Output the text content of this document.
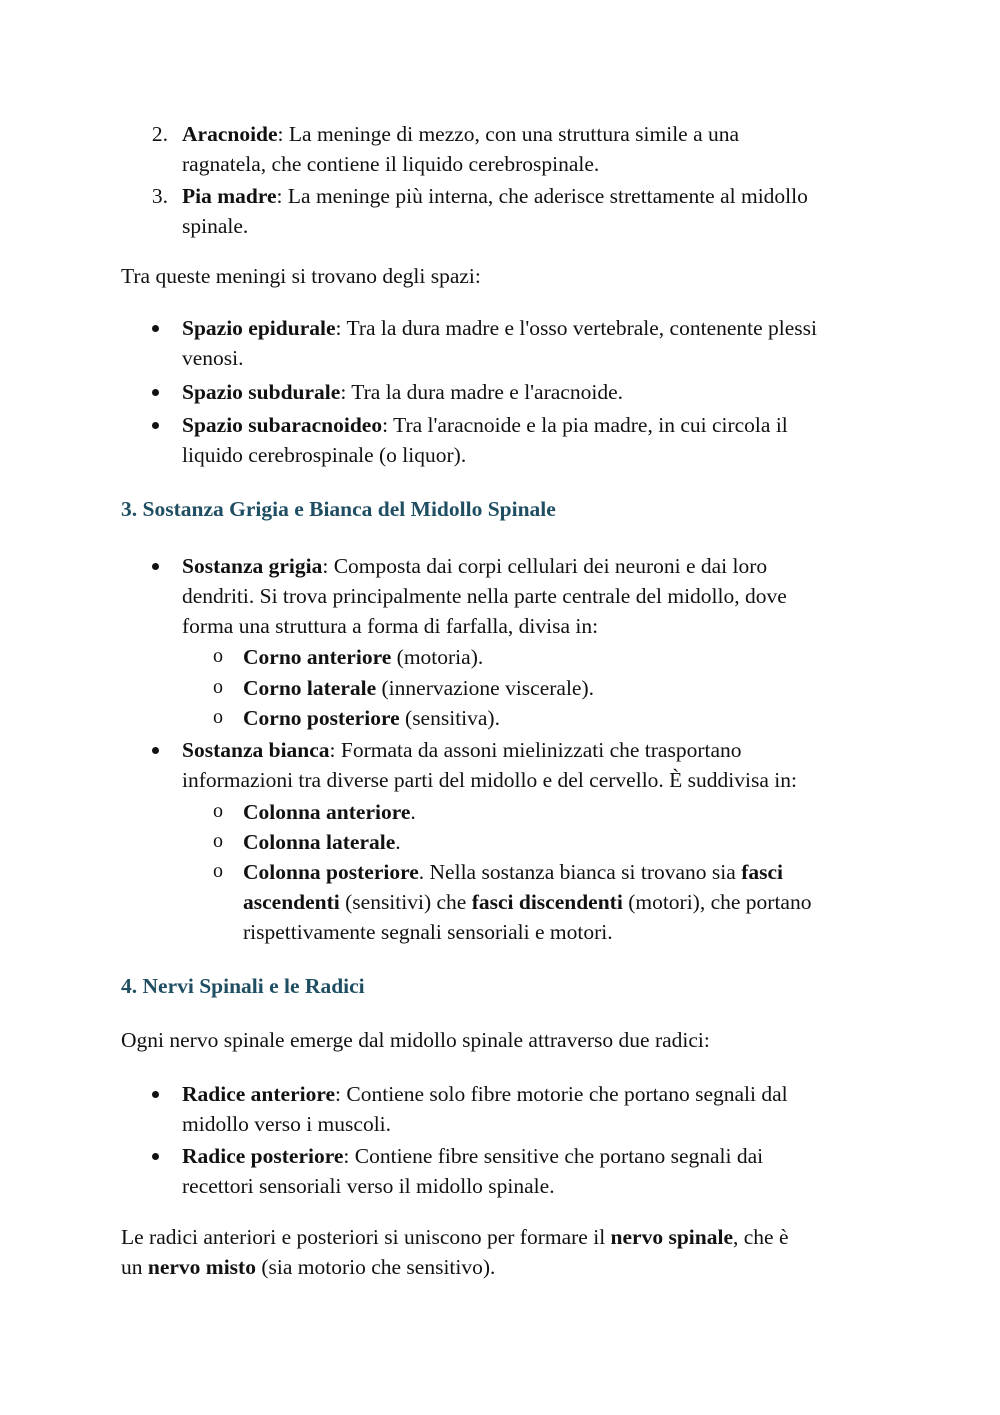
2. Aracnoide: La meninge di mezzo, con una struttura simile a una
ragnatela, che contiene il liquido cerebrospinale.
3. Pia madre: La meninge più interna, che aderisce strettamente al midollo
spinale.
Tra queste meningi si trovano degli spazi:
Spazio epidurale: Tra la dura madre e l'osso vertebrale, contenente plessi
venosi.
Spazio subdurale: Tra la dura madre e l'aracnoide.
Spazio subaracnoideo: Tra l'aracnoide e la pia madre, in cui circola il
liquido cerebrospinale (o liquor).
3. Sostanza Grigia e Bianca del Midollo Spinale
Sostanza grigia: Composta dai corpi cellulari dei neuroni e dai loro
dendriti. Si trova principalmente nella parte centrale del midollo, dove
forma una struttura a forma di farfalla, divisa in:
o Corno anteriore (motoria).
o Corno laterale (innervazione viscerale).
o Corno posteriore (sensitiva).
Sostanza bianca: Formata da assoni mielinizzati che trasportano
informazioni tra diverse parti del midollo e del cervello. È suddivisa in:
o Colonna anteriore.
o Colonna laterale.
o Colonna posteriore. Nella sostanza bianca si trovano sia fasci
ascendenti (sensitivi) che fasci discendenti (motori), che portano
rispettivamente segnali sensoriali e motori.
4. Nervi Spinali e le Radici
Ogni nervo spinale emerge dal midollo spinale attraverso due radici:
Radice anteriore: Contiene solo fibre motorie che portano segnali dal
midollo verso i muscoli.
Radice posteriore: Contiene fibre sensitive che portano segnali dai
recettori sensoriali verso il midollo spinale.
Le radici anteriori e posteriori si uniscono per formare il nervo spinale, che è
un nervo misto (sia motorio che sensitivo).
